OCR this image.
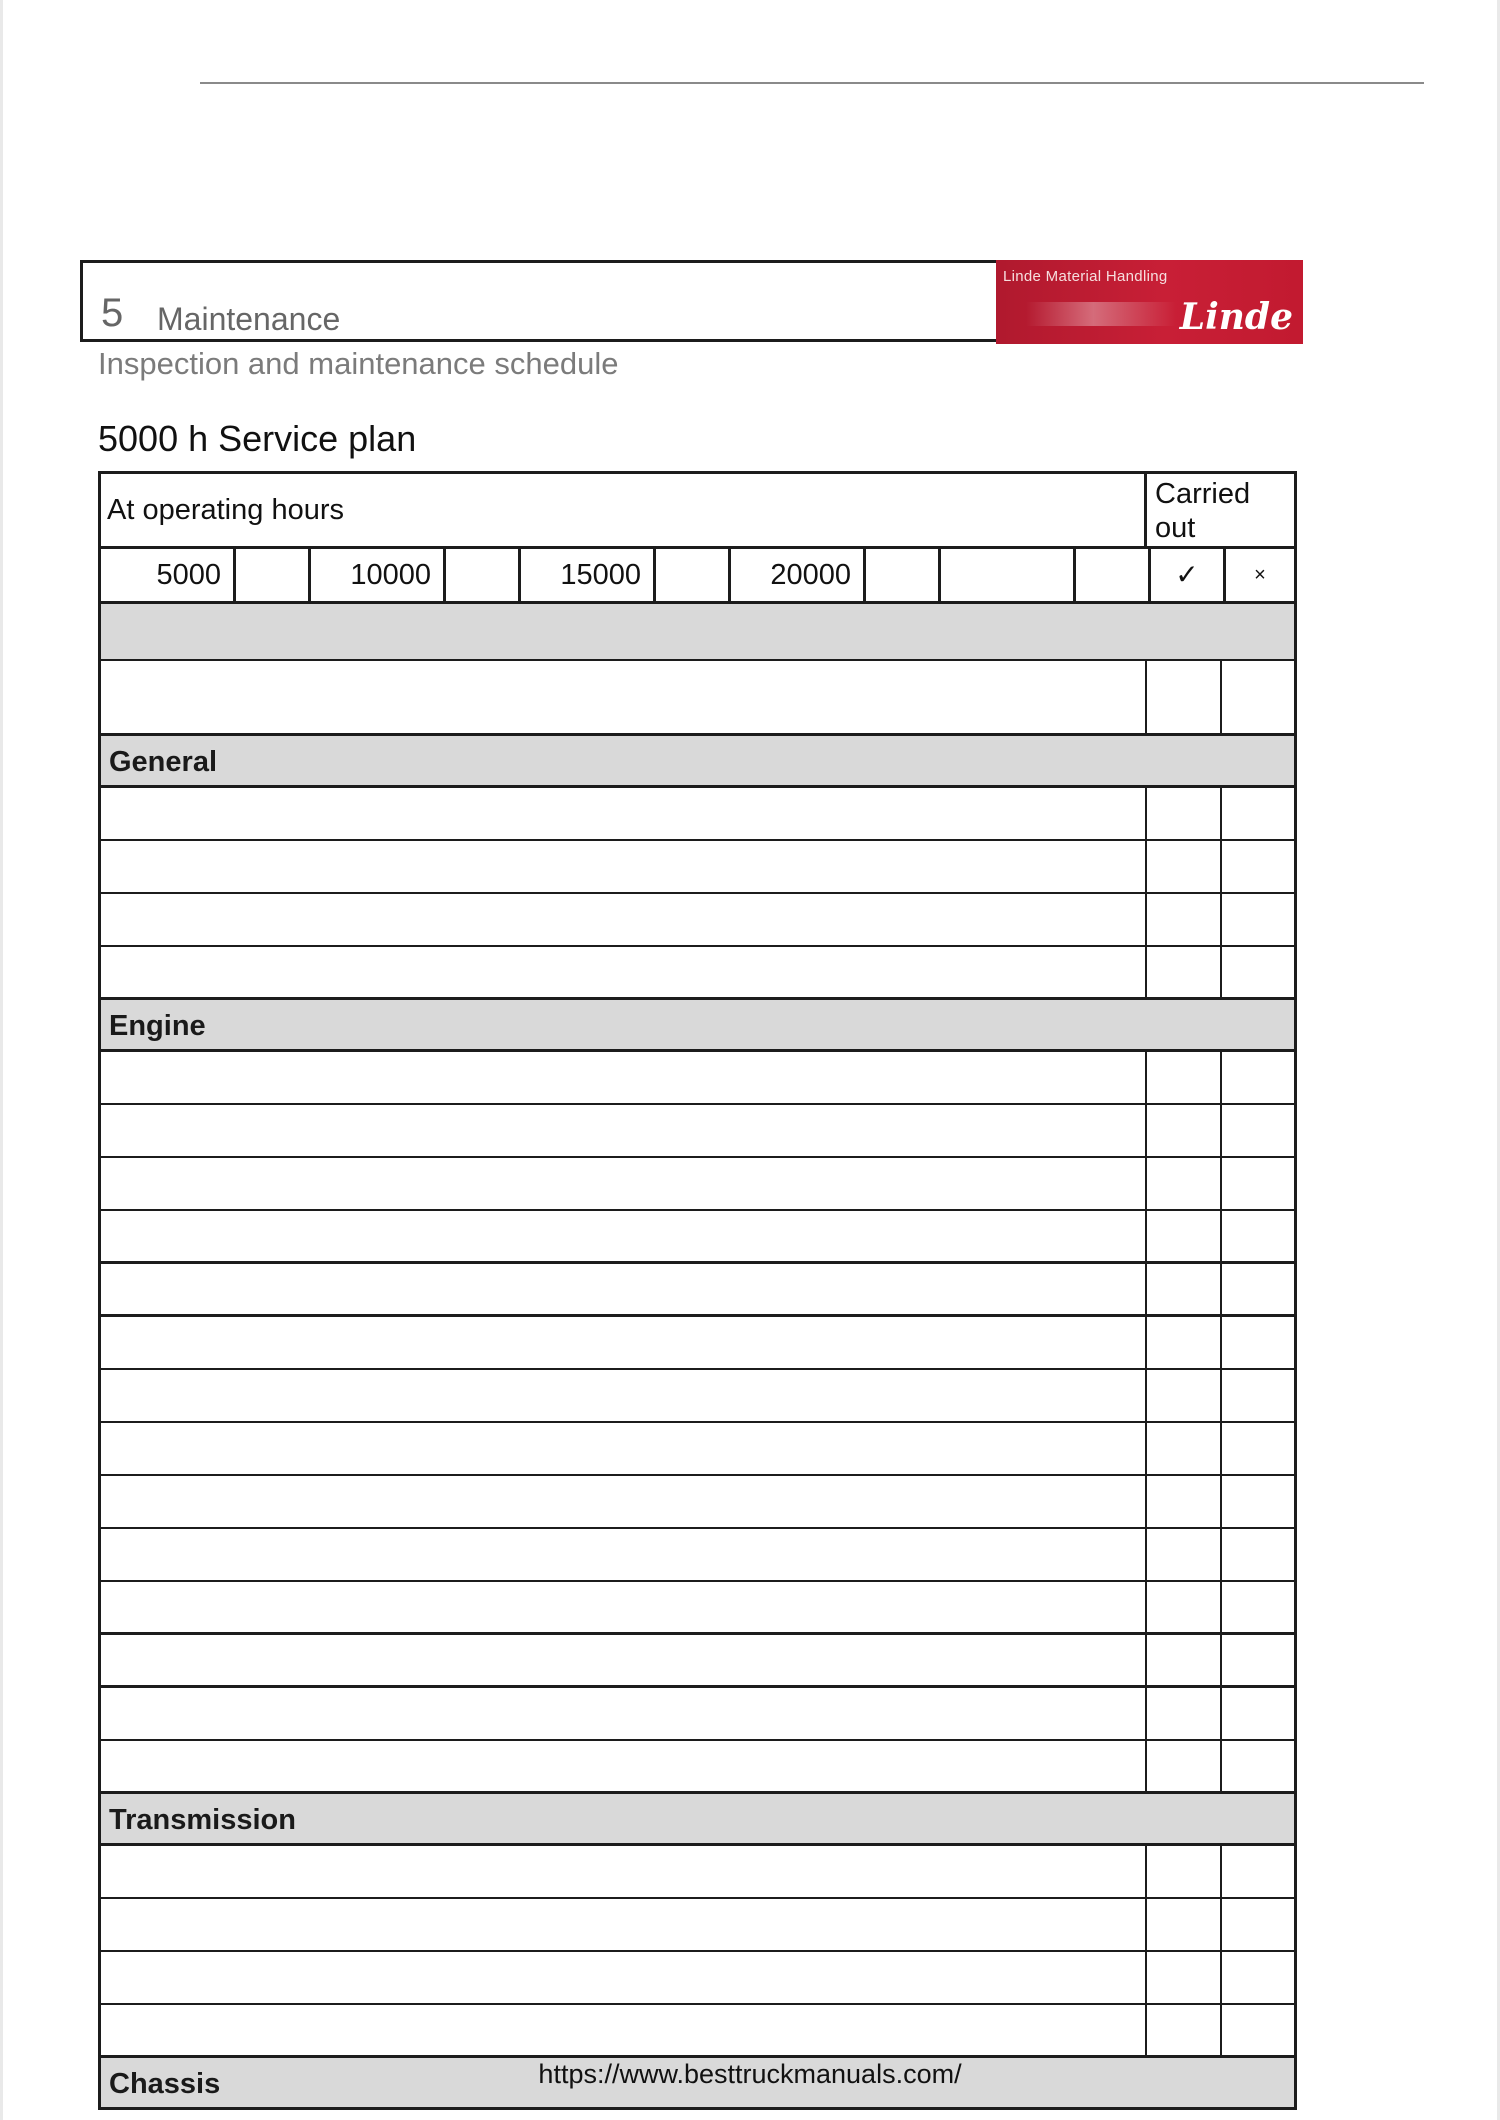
5 Maintenance
Linde Material Handling
Linde
Inspection and maintenance schedule
5000 h Service plan
At operating hours	Carried
out
5000	10000	15000	20000	✓	×
General
Engine
Transmission
Chassis	https://www.besttruckmanuals.com/
